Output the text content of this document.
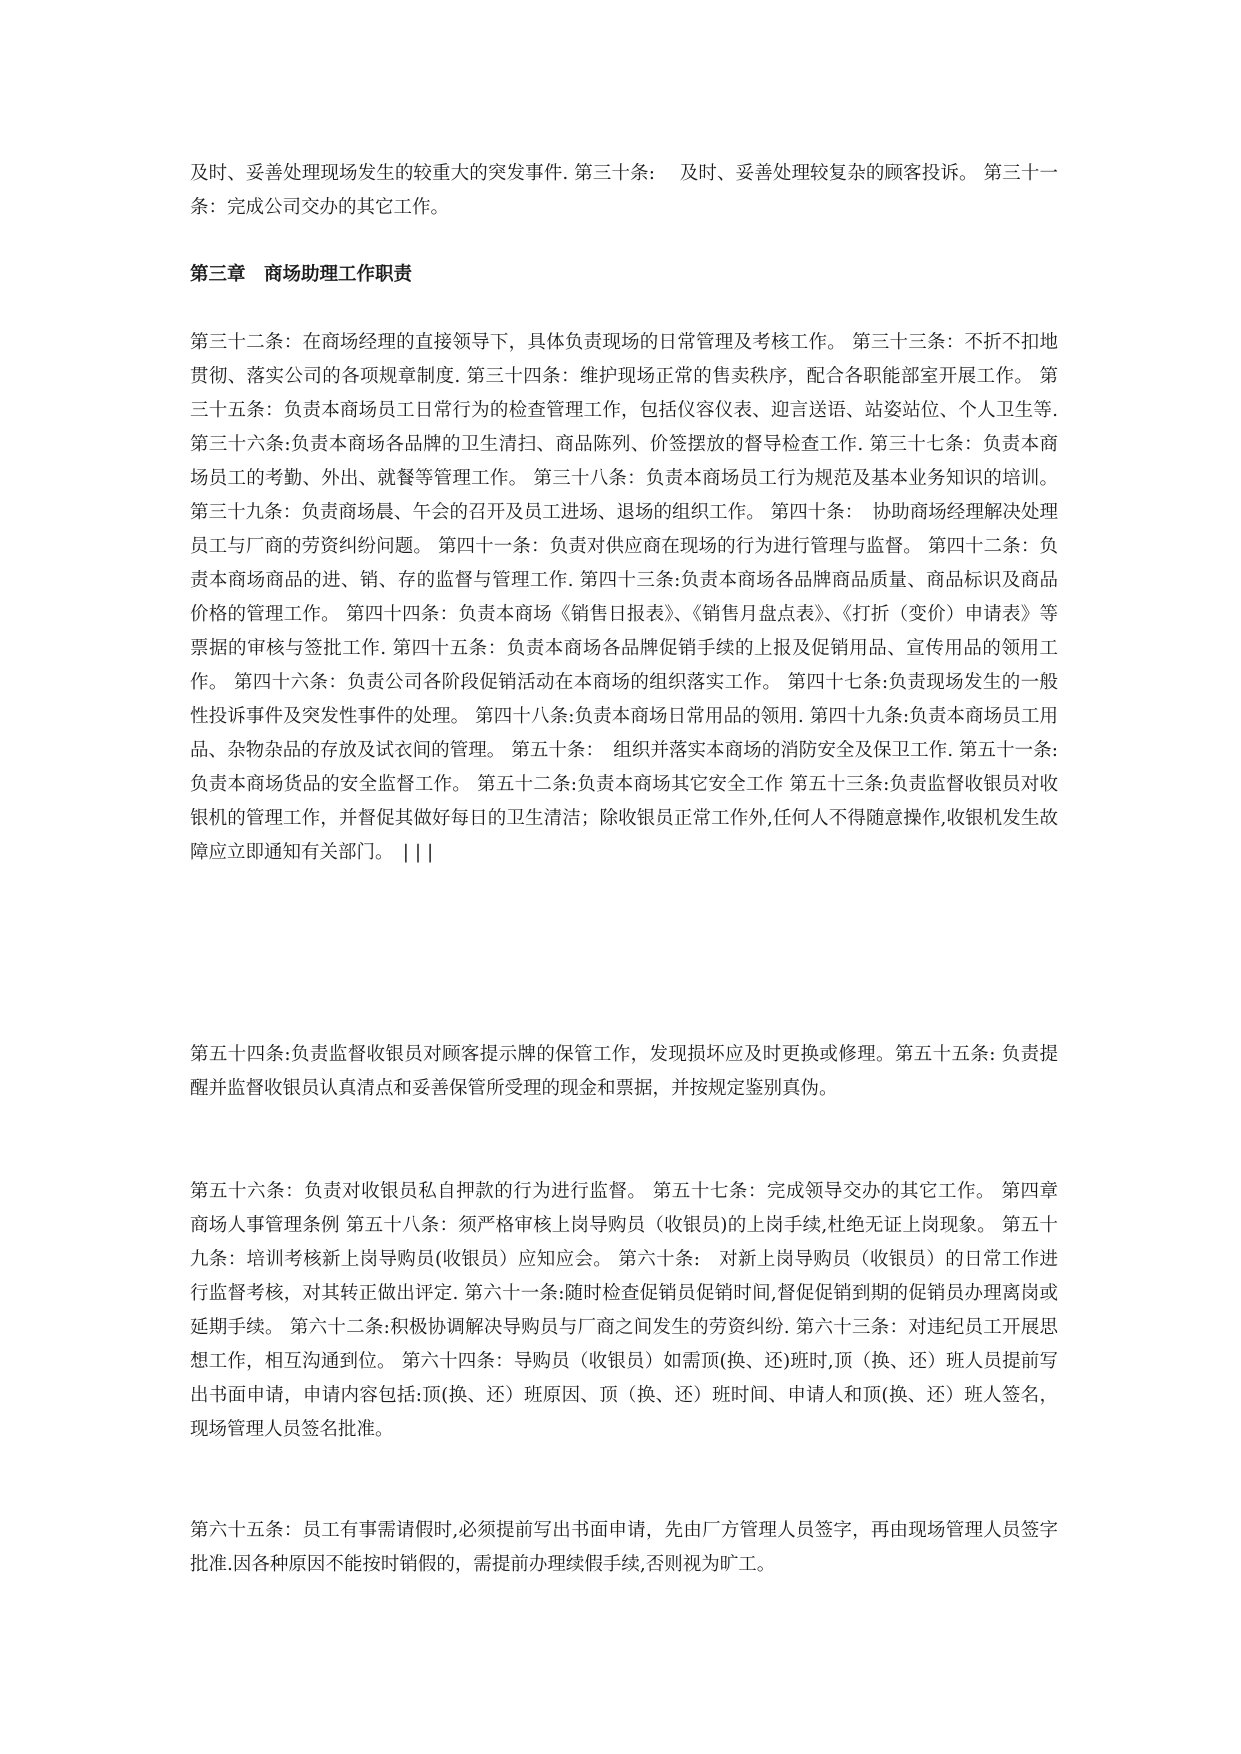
及时、妥善处理现场发生的较重大的突发事件. 第三十条:　 及时、妥善处理较复杂的顾客投诉。 第三十一条：完成公司交办的其它工作。

第三章　商场助理工作职责

第三十二条：在商场经理的直接领导下，具体负责现场的日常管理及考核工作。 第三十三条：不折不扣地贯彻、落实公司的各项规章制度. 第三十四条：维护现场正常的售卖秩序，配合各职能部室开展工作。 第三十五条：负责本商场员工日常行为的检查管理工作，包括仪容仪表、迎言送语、站姿站位、个人卫生等. 第三十六条:负责本商场各品牌的卫生清扫、商品陈列、价签摆放的督导检查工作. 第三十七条：负责本商场员工的考勤、外出、就餐等管理工作。 第三十八条：负责本商场员工行为规范及基本业务知识的培训。 第三十九条：负责商场晨、午会的召开及员工进场、退场的组织工作。 第四十条：　协助商场经理解决处理员工与厂商的劳资纠纷问题。 第四十一条：负责对供应商在现场的行为进行管理与监督。 第四十二条：负责本商场商品的进、销、存的监督与管理工作. 第四十三条:负责本商场各品牌商品质量、商品标识及商品价格的管理工作。 第四十四条：负责本商场《销售日报表》、《销售月盘点表》、《打折（变价）申请表》等票据的审核与签批工作. 第四十五条：负责本商场各品牌促销手续的上报及促销用品、宣传用品的领用工作。 第四十六条：负责公司各阶段促销活动在本商场的组织落实工作。 第四十七条:负责现场发生的一般性投诉事件及突发性事件的处理。 第四十八条:负责本商场日常用品的领用. 第四十九条:负责本商场员工用品、杂物杂品的存放及试衣间的管理。 第五十条：　组织并落实本商场的消防安全及保卫工作. 第五十一条:负责本商场货品的安全监督工作。 第五十二条:负责本商场其它安全工作 第五十三条:负责监督收银员对收银机的管理工作，并督促其做好每日的卫生清洁；除收银员正常工作外,任何人不得随意操作,收银机发生故障应立即通知有关部门。　| | |

第五十四条:负责监督收银员对顾客提示牌的保管工作，发现损坏应及时更换或修理。第五十五条: 负责提醒并监督收银员认真清点和妥善保管所受理的现金和票据，并按规定鉴别真伪。

第五十六条：负责对收银员私自押款的行为进行监督。 第五十七条：完成领导交办的其它工作。 第四章　商场人事管理条例 第五十八条：须严格审核上岗导购员（收银员)的上岗手续,杜绝无证上岗现象。 第五十九条：培训考核新上岗导购员(收银员）应知应会。 第六十条:　对新上岗导购员（收银员）的日常工作进行监督考核，对其转正做出评定. 第六十一条:随时检查促销员促销时间,督促促销到期的促销员办理离岗或延期手续。 第六十二条:积极协调解决导购员与厂商之间发生的劳资纠纷. 第六十三条：对违纪员工开展思想工作，相互沟通到位。 第六十四条：导购员（收银员）如需顶(换、还)班时,顶（换、还）班人员提前写出书面申请，申请内容包括:顶(换、还）班原因、顶（换、还）班时间、申请人和顶(换、还）班人签名，现场管理人员签名批准。

第六十五条：员工有事需请假时,必须提前写出书面申请，先由厂方管理人员签字，再由现场管理人员签字批准.因各种原因不能按时销假的，需提前办理续假手续,否则视为旷工。
